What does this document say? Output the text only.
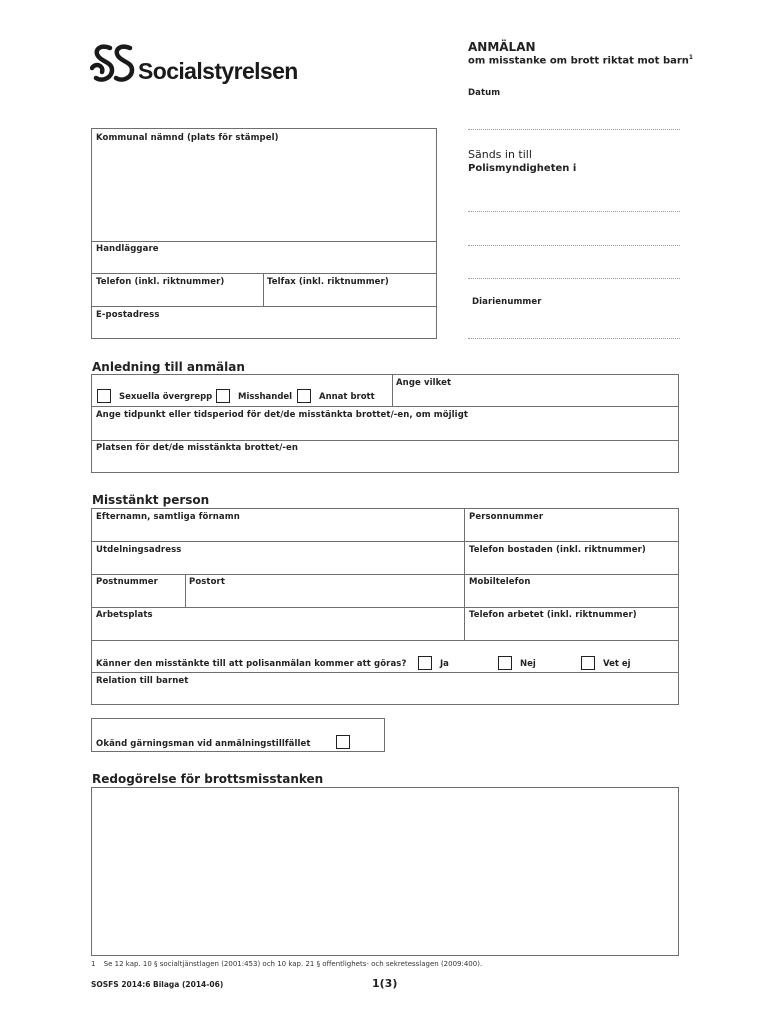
Socialstyrelsen
ANMÄLAN
om misstanke om brott riktat mot barn$^1$
Datum
Sänds in till
Polismyndigheten i
Diarienummer
Kommunal nämnd (plats för stämpel)
Handläggare
Telefon (inkl. riktnummer)	Telfax (inkl. riktnummer)
E-postadress
Anledning till anmälan
Ange vilket
Sexuella övergrepp	Misshandel	Annat brott
Ange tidpunkt eller tidsperiod för det/de misstänkta brottet/-en, om möjligt
Platsen för det/de misstänkta brottet/-en
Misstänkt person
Efternamn, samtliga förnamn	Personnummer
Utdelningsadress	Telefon bostaden (inkl. riktnummer)
Postnummer	Postort	Mobiltelefon
Arbetsplats	Telefon arbetet (inkl. riktnummer)
Känner den misstänkte till att polisanmälan kommer att göras?	Ja	Nej	Vet ej
Relation till barnet
Okänd gärningsman vid anmälningstillfället
Redogörelse för brottsmisstanken
1 Se 12 kap. 10 § socialtjänstlagen (2001:453) och 10 kap. 21 § offentlighets- och sekretesslagen (2009:400).
SOSFS 2014:6 Bilaga (2014-06)	1(3)
